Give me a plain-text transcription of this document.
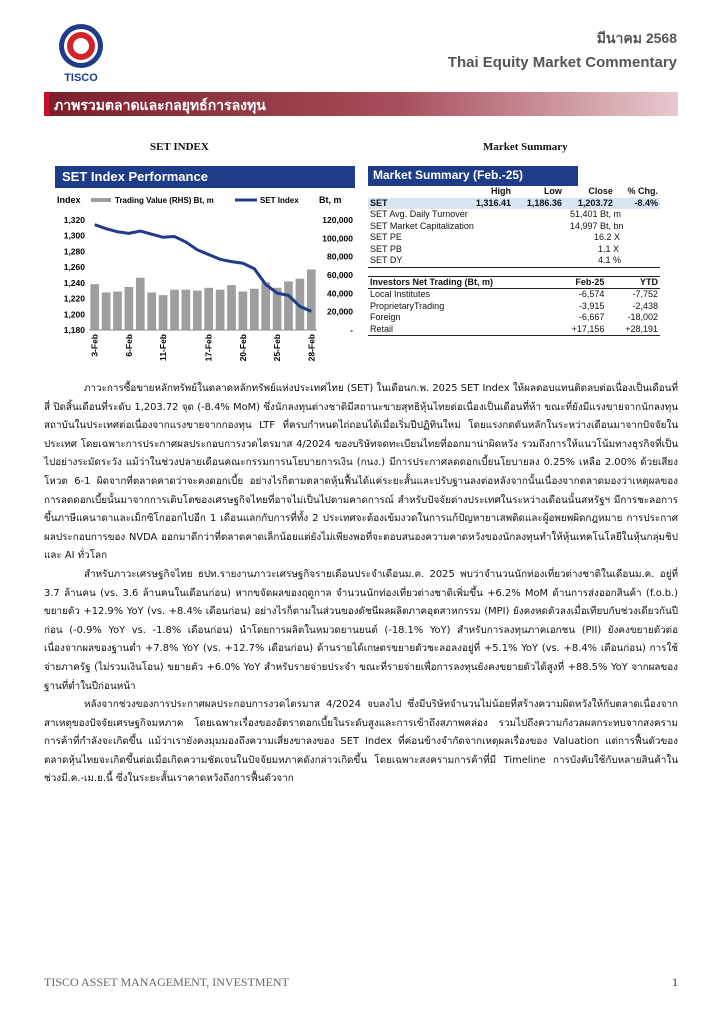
TISCO
มีนาคม 2568
Thai Equity Market Commentary
ภาพรวมตลาดและกลยุทธ์การลงทุน
SET INDEX	Market Summary
SET Index Performance
Index	Bt, m
Trading Value (RHS) Bt, m	SET Index
1,320
1,300
1,280
1,260
1,240
1,220
1,200
1,180
120,000
100,000
80,000
60,000
40,000
20,000
-
3-Feb	6-Feb	11-Feb	17-Feb	20-Feb	25-Feb	28-Feb
Market Summary (Feb.-25)
	High	Low	Close	% Chg.
SET	1,316.41	1,186.36	1,203.72	-8.4%
SET Avg. Daily Turnover			51,401 Bt, m	
SET Market Capitalization			14,997 Bt, bn	
SET PE			16.2 X	
SET PB			1.1 X	
SET DY			4.1 %	
Investors Net Trading (Bt, m)	Feb-25	YTD
Local Institutes	-6,574	-7,752
ProprietaryTrading	-3,915	-2,438
Foreign	-6,667	-18,002
Retail	+17,156	+28,191

ภาวะการซื้อขายหลักทรัพย์ในตลาดหลักทรัพย์แห่งประเทศไทย (SET) ในเดือนก.พ. 2025 SET Index ให้ผลตอบแทนติดลบต่อเนื่องเป็นเดือนที่สี่ ปิดสิ้นเดือนที่ระดับ 1,203.72 จุด (-8.4% MoM) ซึ่งนักลงทุนต่างชาติมีสถานะขายสุทธิหุ้นไทยต่อเนื่องเป็นเดือนที่ห้า ขณะที่ยังมีแรงขายจากนักลงทุนสถาบันในประเทศต่อเนื่องจากแรงขายจากกองทุน LTF ที่ครบกำหนดไถ่ถอนได้เมื่อเริ่มปีปฏิทินใหม่ โดยแรงกดดันหลักในระหว่างเดือนมาจากปัจจัยในประเทศ โดยเฉพาะการประกาศผลประกอบการงวดไตรมาส 4/2024 ของบริษัทจดทะเบียนไทยที่ออกมาน่าผิดหวัง รวมถึงการให้แนวโน้มทางธุรกิจที่เป็นไปอย่างระมัดระวัง แม้ว่าในช่วงปลายเดือนคณะกรรมการนโยบายการเงิน (กนง.) มีการประกาศลดดอกเบี้ยนโยบายลง 0.25% เหลือ 2.00% ด้วยเสียงโหวต 6-1 ผิดจากที่ตลาดคาดว่าจะคงดอกเบี้ย อย่างไรก็ตามตลาดหุ้นฟื้นได้แค่ระยะสั้นและปรับฐานลงต่อหลังจากนั้นเนื่องจากตลาดมองว่าเหตุผลของการลดดอกเบี้ยนั้นมาจากการเติบโตของเศรษฐกิจไทยที่อาจไม่เป็นไปตามคาดการณ์ สำหรับปัจจัยต่างประเทศในระหว่างเดือนนั้นสหรัฐฯ มีการชะลอการขึ้นภาษีแคนาดาและเม็กซิโกออกไปอีก 1 เดือนแลกกับการที่ทั้ง 2 ประเทศจะต้องเข้มงวดในการแก้ปัญหายาเสพติดและผู้อพยพผิดกฎหมาย การประกาศผลประกอบการของ NVDA ออกมาดีกว่าที่ตลาดคาดเล็กน้อยแต่ยังไม่เพียงพอที่จะตอบสนองความคาดหวังของนักลงทุนทำให้หุ้นเทคโนโลยีในหุ้นกลุ่มชิปและ AI ทั่วโลก

สำหรับภาวะเศรษฐกิจไทย ธปท.รายงานภาวะเศรษฐกิจรายเดือนประจำเดือนม.ค. 2025 พบว่าจำนวนนักท่องเที่ยวต่างชาติในเดือนม.ค. อยู่ที่ 3.7 ล้านคน (vs. 3.6 ล้านคนในเดือนก่อน) หากขจัดผลของฤดูกาล จำนวนนักท่องเที่ยวต่างชาติเพิ่มขึ้น +6.2% MoM ด้านการส่งออกสินค้า (f.o.b.) ขยายตัว +12.9% YoY (vs. +8.4% เดือนก่อน) อย่างไรก็ตามในส่วนของดัชนีผลผลิตภาคอุตสาหกรรม (MPI) ยังคงหดตัวลงเมื่อเทียบกับช่วงเดียวกันปีก่อน (-0.9% YoY vs. -1.8% เดือนก่อน) นำโดยการผลิตในหมวดยานยนต์ (-18.1% YoY) สำหรับการลงทุนภาคเอกชน (PII) ยังคงขยายตัวต่อเนื่องจากผลของฐานต่ำ +7.8% YoY (vs. +12.7% เดือนก่อน) ด้านรายได้เกษตรขยายตัวชะลอลงอยู่ที่ +5.1% YoY (vs. +8.4% เดือนก่อน) การใช้จ่ายภาครัฐ (ไม่รวมเงินโอน) ขยายตัว +6.0% YoY สำหรับรายจ่ายประจำ ขณะที่รายจ่ายเพื่อการลงทุนยังคงขยายตัวได้สูงที่ +88.5% YoY จากผลของฐานที่ต่ำในปีก่อนหน้า

หลังจากช่วงของการประกาศผลประกอบการงวดไตรมาส 4/2024 จบลงไป ซึ่งมีบริษัทจำนวนไม่น้อยที่สร้างความผิดหวังให้กับตลาดเนื่องจากสาเหตุของปัจจัยเศรษฐกิจมหภาค โดยเฉพาะเรื่องของอัตราดอกเบี้ยในระดับสูงและการเข้าถึงสภาพคล่อง รวมไปถึงความกังวลผลกระทบจากสงครามการค้าที่กำลังจะเกิดขึ้น แม้ว่าเรายังคงมุมมองถึงความเสี่ยงขาลงของ SET Index ที่ค่อนข้างจำกัดจากเหตุผลเรื่องของ Valuation แต่การฟื้นตัวของตลาดหุ้นไทยจะเกิดขึ้นต่อเมื่อเกิดความชัดเจนในปัจจัยมหภาคดังกล่าวเกิดขึ้น โดยเฉพาะสงครามการค้าที่มี Timeline การบังคับใช้กับหลายสินค้าในช่วงมี.ค.-เม.ย.นี้ ซึ่งในระยะสั้นเราคาดหวังถึงการฟื้นตัวจาก

TISCO ASSET MANAGEMENT, INVESTMENT	1
